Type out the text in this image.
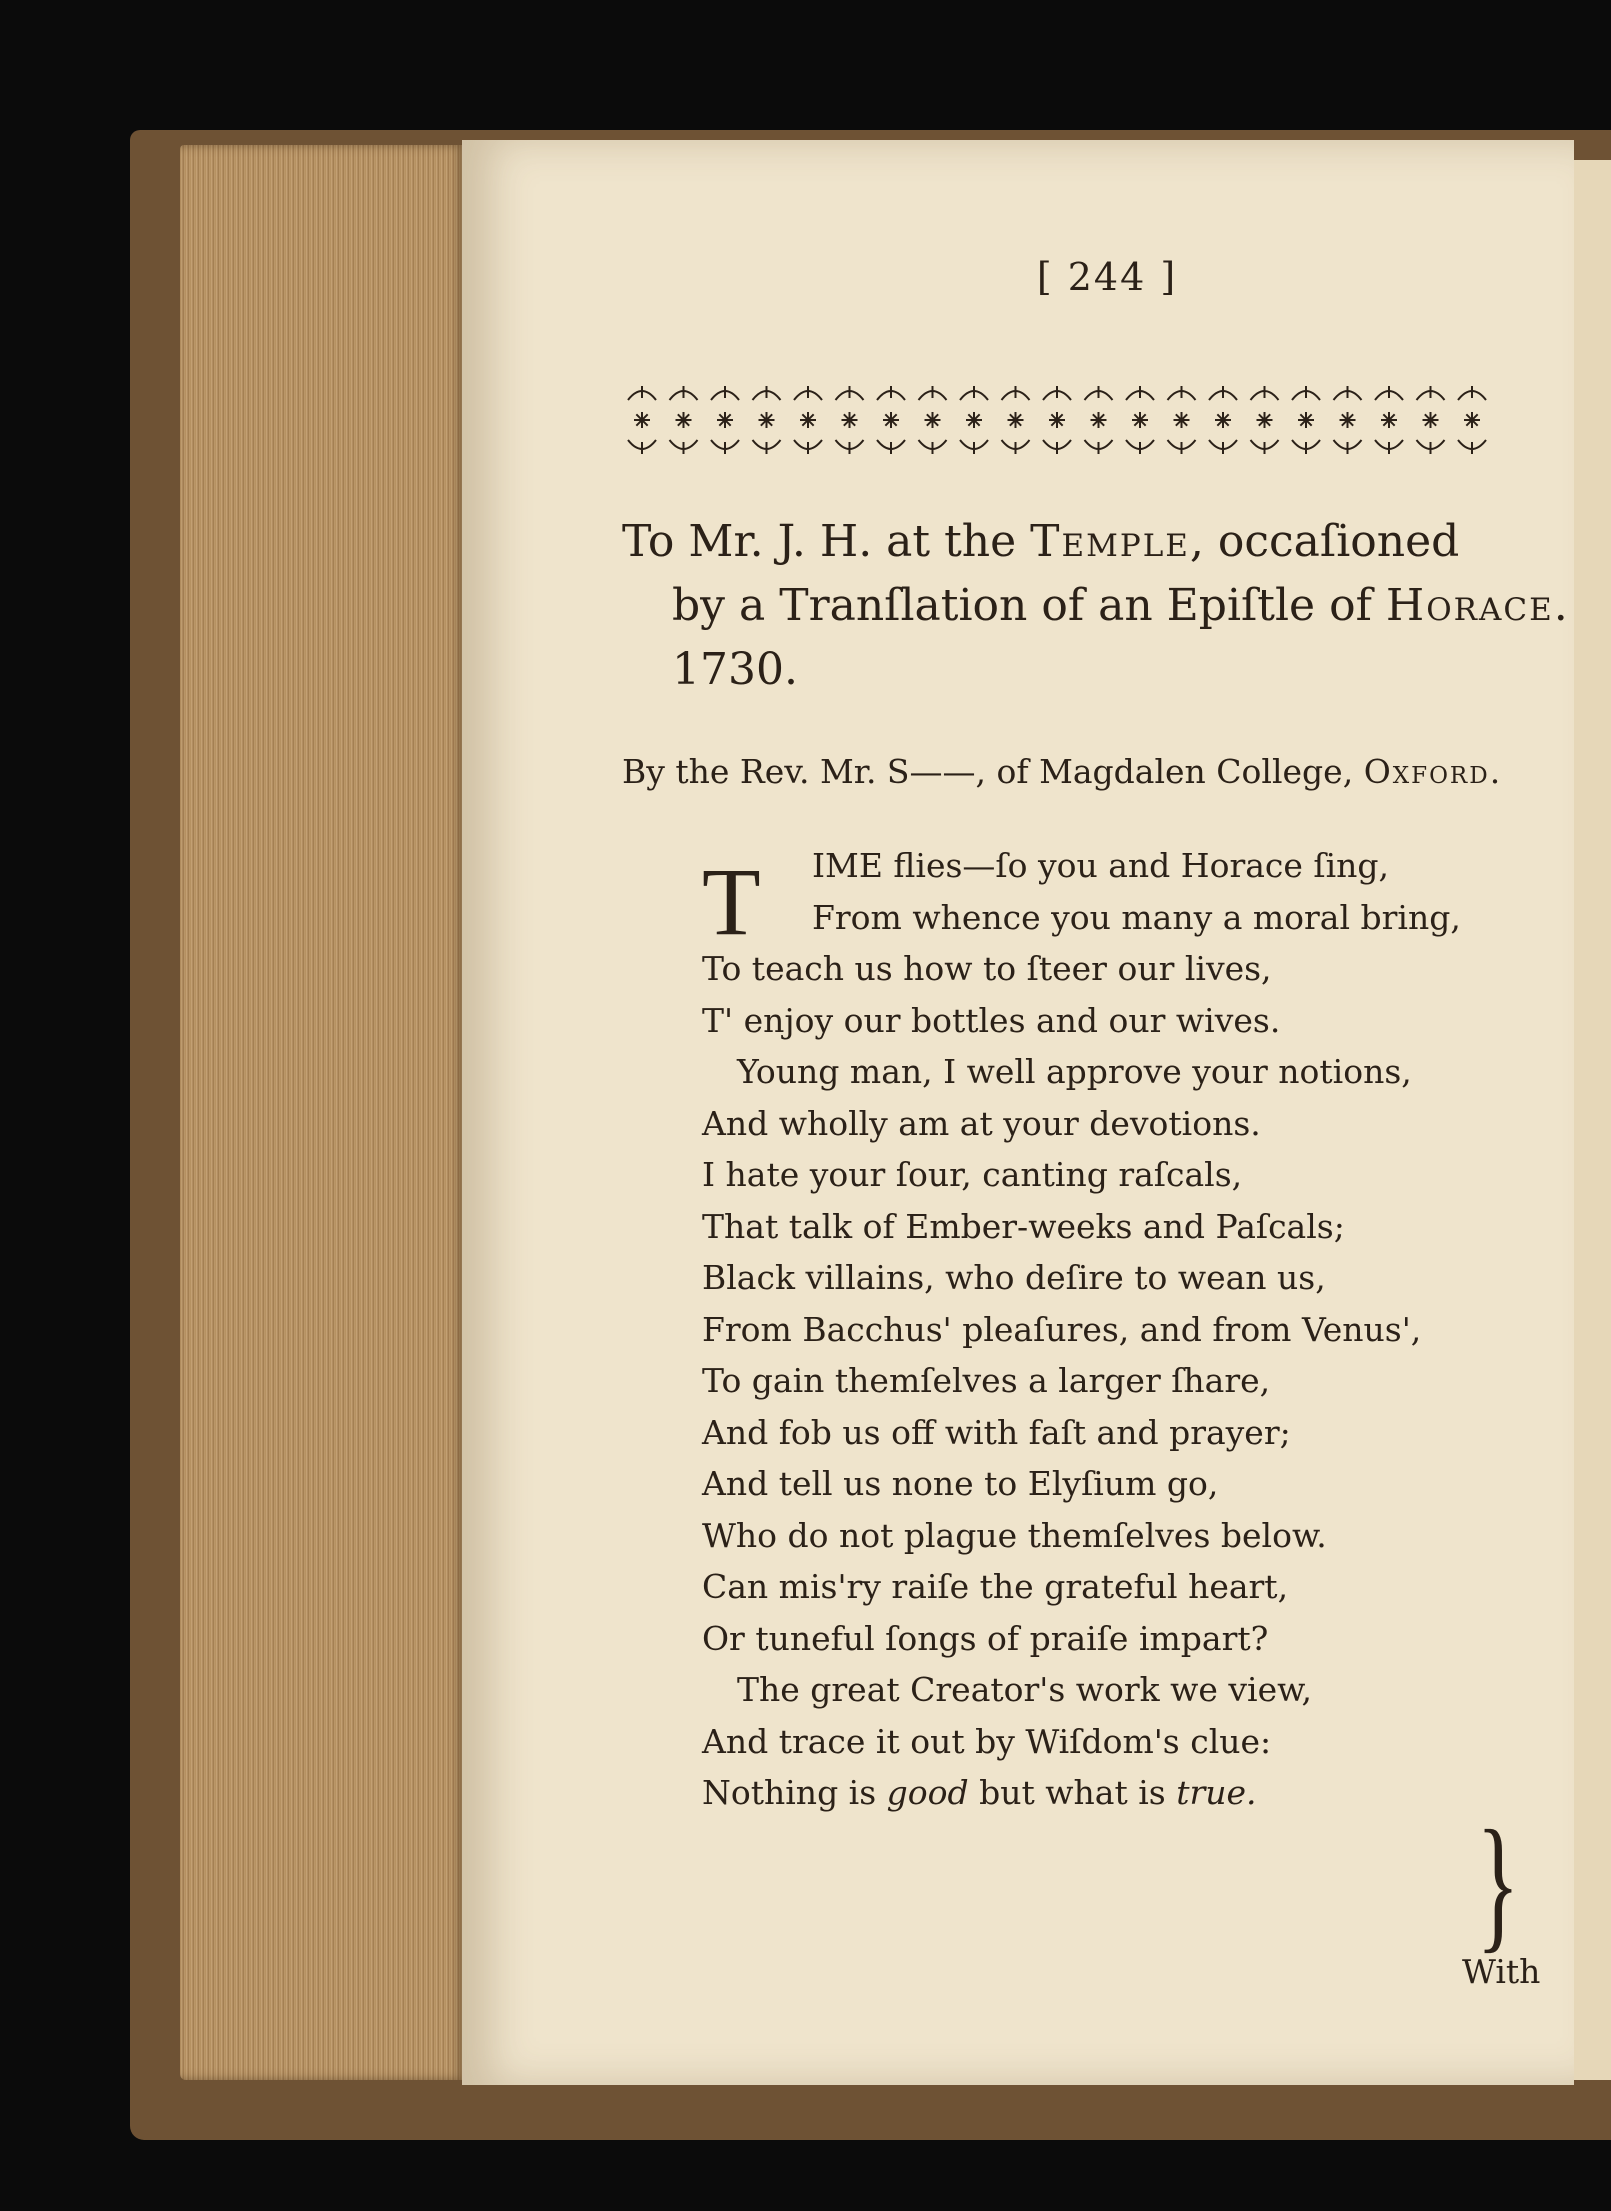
[ 244 ]
To Mr. J. H. at the Temple, occaſioned
by a Tranſlation of an Epiſtle of Horace.
1730.
By the Rev. Mr. S——, of Magdalen College, Oxford.
T	IME flies—ſo you and Horace ſing,
From whence you many a moral bring,
To teach us how to ſteer our lives,
T' enjoy our bottles and our wives.
Young man, I well approve your notions,
And wholly am at your devotions.
I hate your ſour, canting raſcals,
That talk of Ember-weeks and Paſcals;
Black villains, who deſire to wean us,
From Bacchus' pleaſures, and from Venus',
To gain themſelves a larger ſhare,
And fob us off with faſt and prayer;
And tell us none to Elyſium go,
Who do not plague themſelves below.
Can mis'ry raiſe the grateful heart,
Or tuneful ſongs of praiſe impart?
The great Creator's work we view,
And trace it out by Wiſdom's clue:
Nothing is good but what is true.
}
With
